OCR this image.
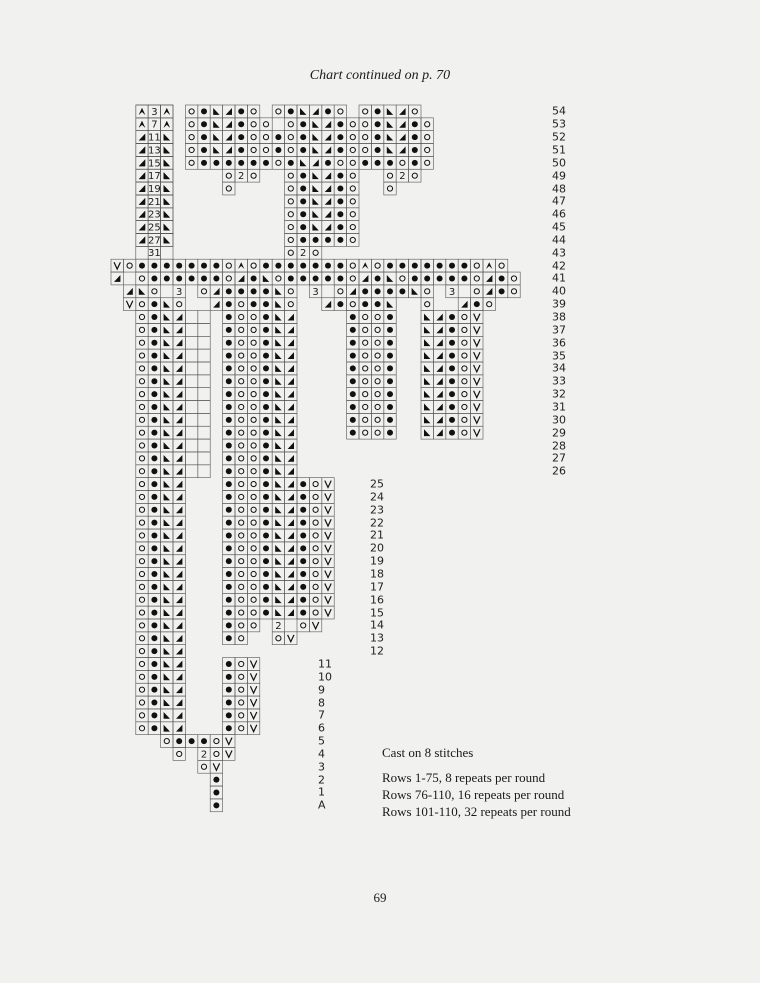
Chart continued on p. 70
3
7
11
13
15
17	2	2
19
21
23
25
27
31	2
3	3	3
2
2
54
53
52
51
50
49
48
47
46
45
44
43
42
41
40
39
38
37
36
35
34
33
32
31
30
29
28
27
26
25
24
23
22
21
20
19
18
17
16
15
14
13
12
11
10
9
8
7
6
5
4
3
2
1
A
Cast on 8 stitches
Rows 1-75, 8 repeats per round
Rows 76-110, 16 repeats per round
Rows 101-110, 32 repeats per round
69
